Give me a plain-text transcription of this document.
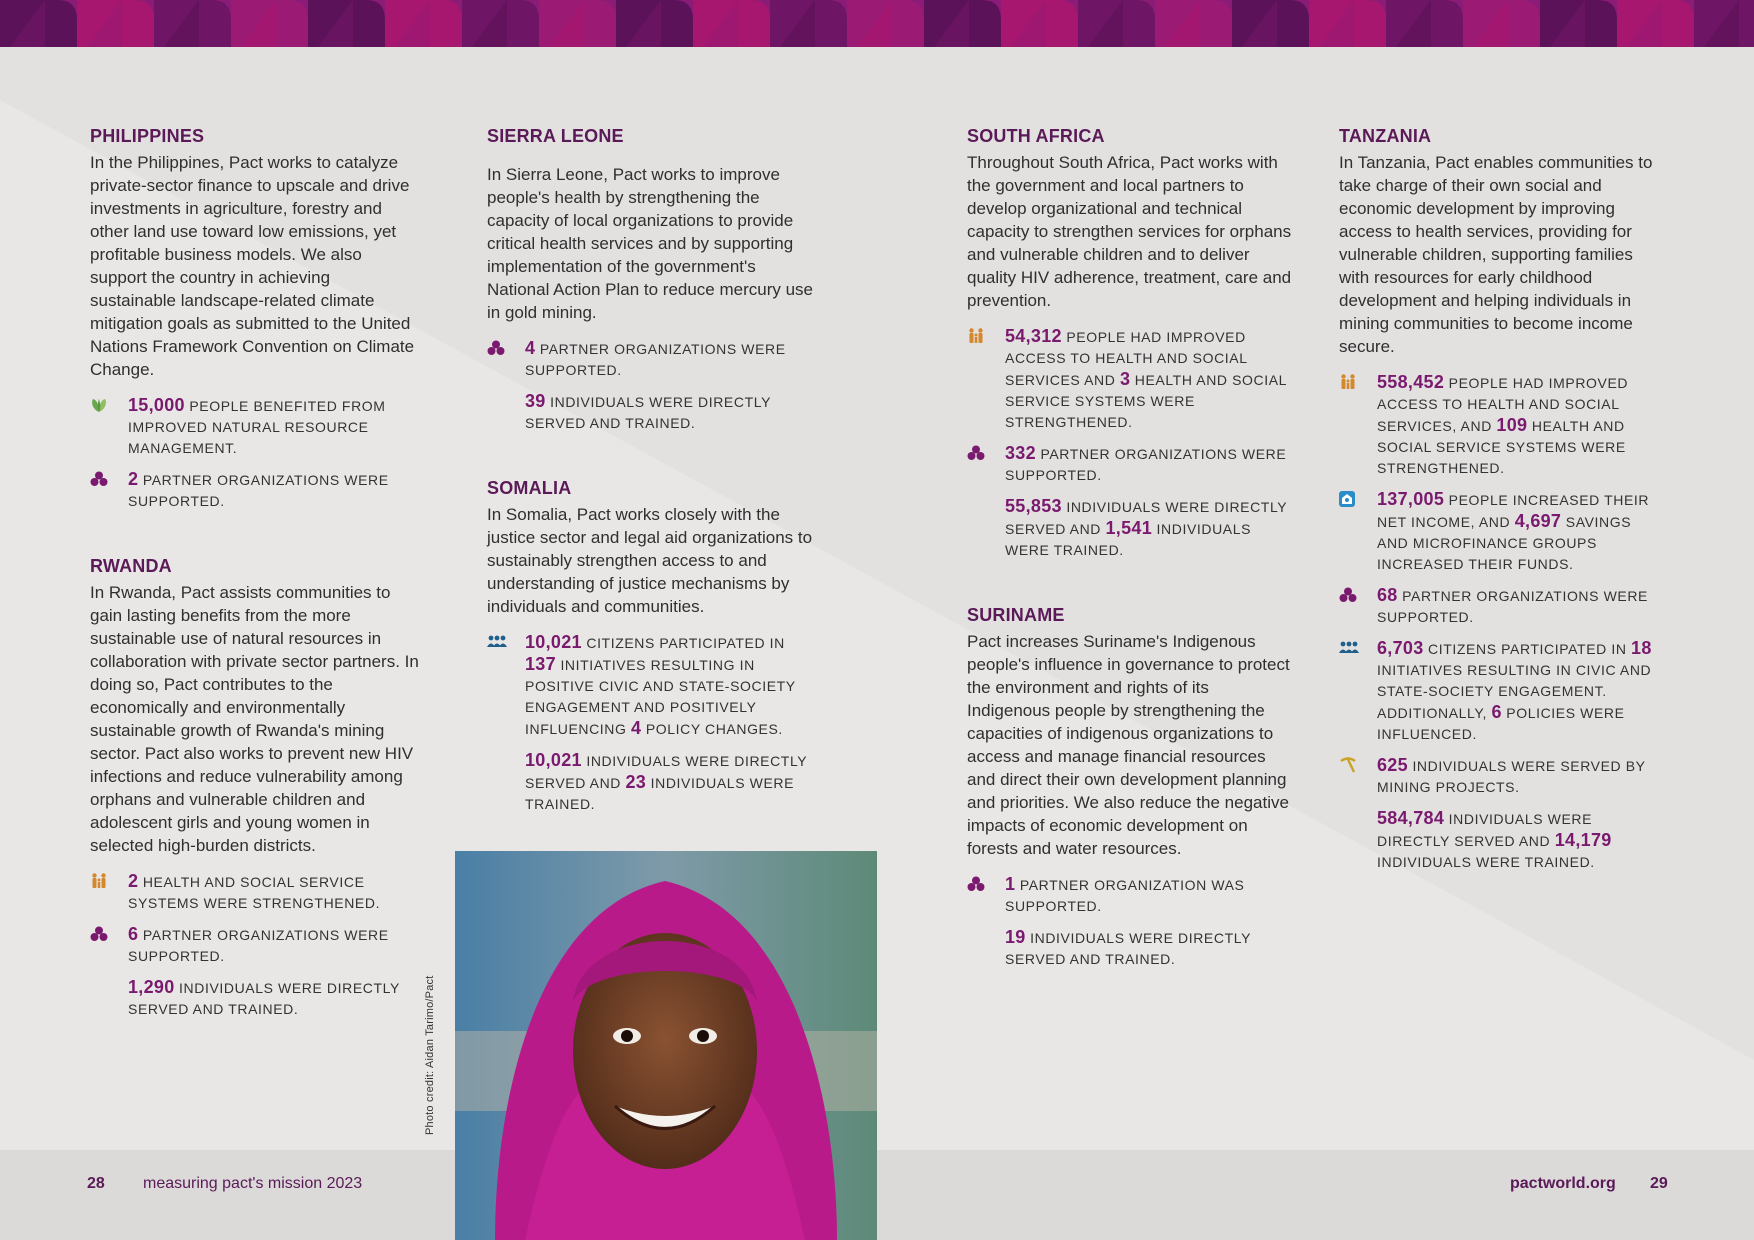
PHILIPPINES
In the Philippines, Pact works to catalyze private-sector finance to upscale and drive investments in agriculture, forestry and other land use toward low emissions, yet profitable business models. We also support the country in achieving sustainable landscape-related climate mitigation goals as submitted to the United Nations Framework Convention on Climate Change.
15,000 PEOPLE BENEFITED FROM IMPROVED NATURAL RESOURCE MANAGEMENT.
2 PARTNER ORGANIZATIONS WERE SUPPORTED.
RWANDA
In Rwanda, Pact assists communities to gain lasting benefits from the more sustainable use of natural resources in collaboration with private sector partners. In doing so, Pact contributes to the economically and environmentally sustainable growth of Rwanda's mining sector. Pact also works to prevent new HIV infections and reduce vulnerability among orphans and vulnerable children and adolescent girls and young women in selected high-burden districts.
2 HEALTH AND SOCIAL SERVICE SYSTEMS WERE STRENGTHENED.
6 PARTNER ORGANIZATIONS WERE SUPPORTED.
1,290 INDIVIDUALS WERE DIRECTLY SERVED AND TRAINED.
SIERRA LEONE
In Sierra Leone, Pact works to improve people's health by strengthening the capacity of local organizations to provide critical health services and by supporting implementation of the government's National Action Plan to reduce mercury use in gold mining.
4 PARTNER ORGANIZATIONS WERE SUPPORTED.
39 INDIVIDUALS WERE DIRECTLY SERVED AND TRAINED.
SOMALIA
In Somalia, Pact works closely with the justice sector and legal aid organizations to sustainably strengthen access to and understanding of justice mechanisms by individuals and communities.
10,021 CITIZENS PARTICIPATED IN 137 INITIATIVES RESULTING IN POSITIVE CIVIC AND STATE-SOCIETY ENGAGEMENT AND POSITIVELY INFLUENCING 4 POLICY CHANGES.
10,021 INDIVIDUALS WERE DIRECTLY SERVED AND 23 INDIVIDUALS WERE TRAINED.
SOUTH AFRICA
Throughout South Africa, Pact works with the government and local partners to develop organizational and technical capacity to strengthen services for orphans and vulnerable children and to deliver quality HIV adherence, treatment, care and prevention.
54,312 PEOPLE HAD IMPROVED ACCESS TO HEALTH AND SOCIAL SERVICES AND 3 HEALTH AND SOCIAL SERVICE SYSTEMS WERE STRENGTHENED.
332 PARTNER ORGANIZATIONS WERE SUPPORTED.
55,853 INDIVIDUALS WERE DIRECTLY SERVED AND 1,541 INDIVIDUALS WERE TRAINED.
SURINAME
Pact increases Suriname's Indigenous people's influence in governance to protect the environment and rights of its Indigenous people by strengthening the capacities of indigenous organizations to access and manage financial resources and direct their own development planning and priorities. We also reduce the negative impacts of economic development on forests and water resources.
1 PARTNER ORGANIZATION WAS SUPPORTED.
19 INDIVIDUALS WERE DIRECTLY SERVED AND TRAINED.
TANZANIA
In Tanzania, Pact enables communities to take charge of their own social and economic development by improving access to health services, providing for vulnerable children, supporting families with resources for early childhood development and helping individuals in mining communities to become income secure.
558,452 PEOPLE HAD IMPROVED ACCESS TO HEALTH AND SOCIAL SERVICES, AND 109 HEALTH AND SOCIAL SERVICE SYSTEMS WERE STRENGTHENED.
137,005 PEOPLE INCREASED THEIR NET INCOME, AND 4,697 SAVINGS AND MICROFINANCE GROUPS INCREASED THEIR FUNDS.
68 PARTNER ORGANIZATIONS WERE SUPPORTED.
6,703 CITIZENS PARTICIPATED IN 18 INITIATIVES RESULTING IN CIVIC AND STATE-SOCIETY ENGAGEMENT. ADDITIONALLY, 6 POLICIES WERE INFLUENCED.
625 INDIVIDUALS WERE SERVED BY MINING PROJECTS.
584,784 INDIVIDUALS WERE DIRECTLY SERVED AND 14,179 INDIVIDUALS WERE TRAINED.
Photo credit: Aidan Tarimo/Pact
28 measuring pact's mission 2023	pactworld.org 29
